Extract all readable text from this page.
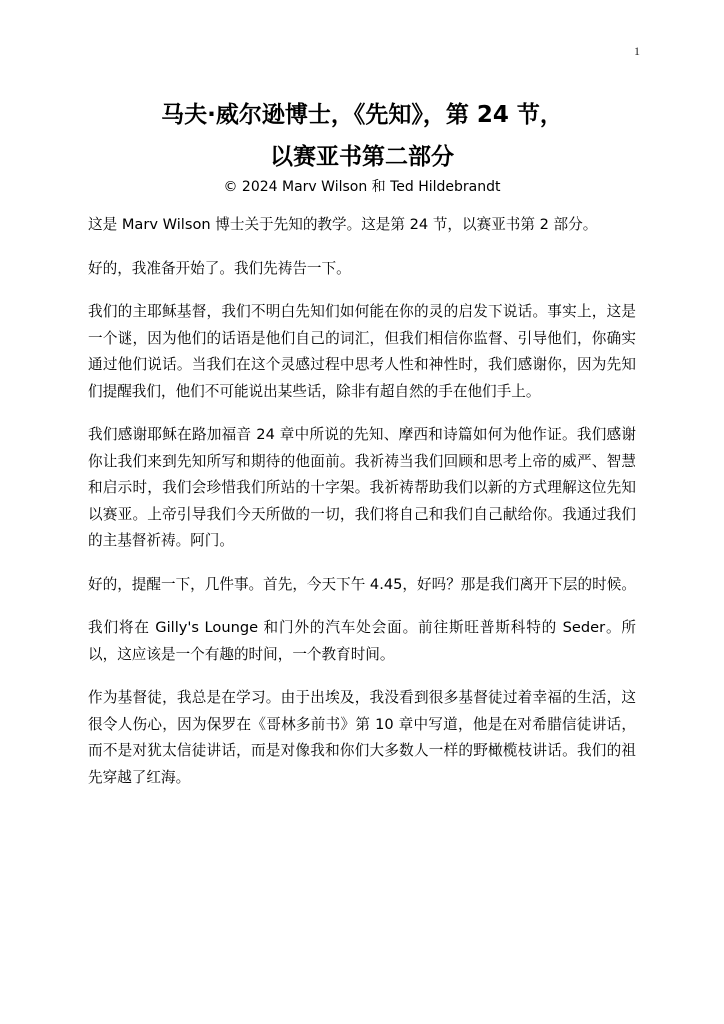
1
马夫·威尔逊博士，《先知》，第 24 节，
以赛亚书第二部分
© 2024 Marv Wilson 和 Ted Hildebrandt

这是 Marv Wilson 博士关于先知的教学。这是第 24 节，以赛亚书第 2 部分。

好的，我准备开始了。我们先祷告一下。

我们的主耶稣基督，我们不明白先知们如何能在你的灵的启发下说话。事实上，这是一个谜，因为他们的话语是他们自己的词汇，但我们相信你监督、引导他们，你确实通过他们说话。当我们在这个灵感过程中思考人性和神性时，我们感谢你，因为先知们提醒我们，他们不可能说出某些话，除非有超自然的手在他们手上。

我们感谢耶稣在路加福音 24 章中所说的先知、摩西和诗篇如何为他作证。我们感谢你让我们来到先知所写和期待的他面前。我祈祷当我们回顾和思考上帝的威严、智慧和启示时，我们会珍惜我们所站的十字架。我祈祷帮助我们以新的方式理解这位先知以赛亚。上帝引导我们今天所做的一切，我们将自己和我们自己献给你。我通过我们的主基督祈祷。阿门。

好的，提醒一下，几件事。首先，今天下午 4.45，好吗？那是我们离开下层的时候。

我们将在 Gilly's Lounge 和门外的汽车处会面。前往斯旺普斯科特的 Seder。所以，这应该是一个有趣的时间，一个教育时间。

作为基督徒，我总是在学习。由于出埃及，我没看到很多基督徒过着幸福的生活，这很令人伤心，因为保罗在《哥林多前书》第 10 章中写道，他是在对希腊信徒讲话，而不是对犹太信徒讲话，而是对像我和你们大多数人一样的野橄榄枝讲话。我们的祖先穿越了红海。
